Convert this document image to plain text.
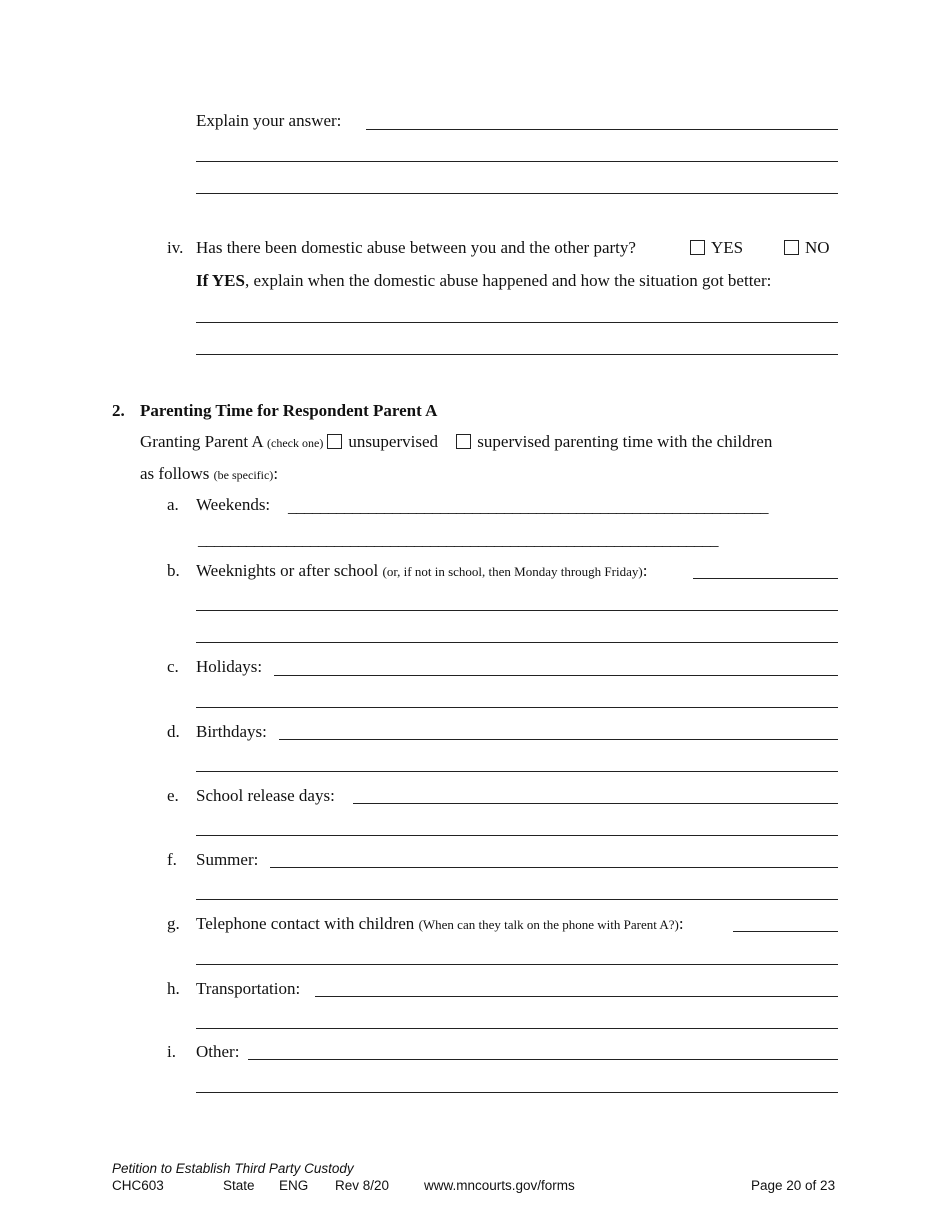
Explain your answer:
iv. Has there been domestic abuse between you and the other party?	YES	NO
If YES, explain when the domestic abuse happened and how the situation got better:
2. Parenting Time for Respondent Parent A
Granting Parent A (check one) unsupervised supervised parenting time with the children
as follows (be specific):
a. Weekends: ____________________________________________________________
_________________________________________________________________
b. Weeknights or after school (or, if not in school, then Monday through Friday):
c. Holidays:
d. Birthdays:
e. School release days:
f. Summer:
g. Telephone contact with children (When can they talk on the phone with Parent A?):
h. Transportation:
i. Other:
Petition to Establish Third Party Custody
CHC603	State ENG Rev 8/20	www.mncourts.gov/forms	Page 20 of 23
